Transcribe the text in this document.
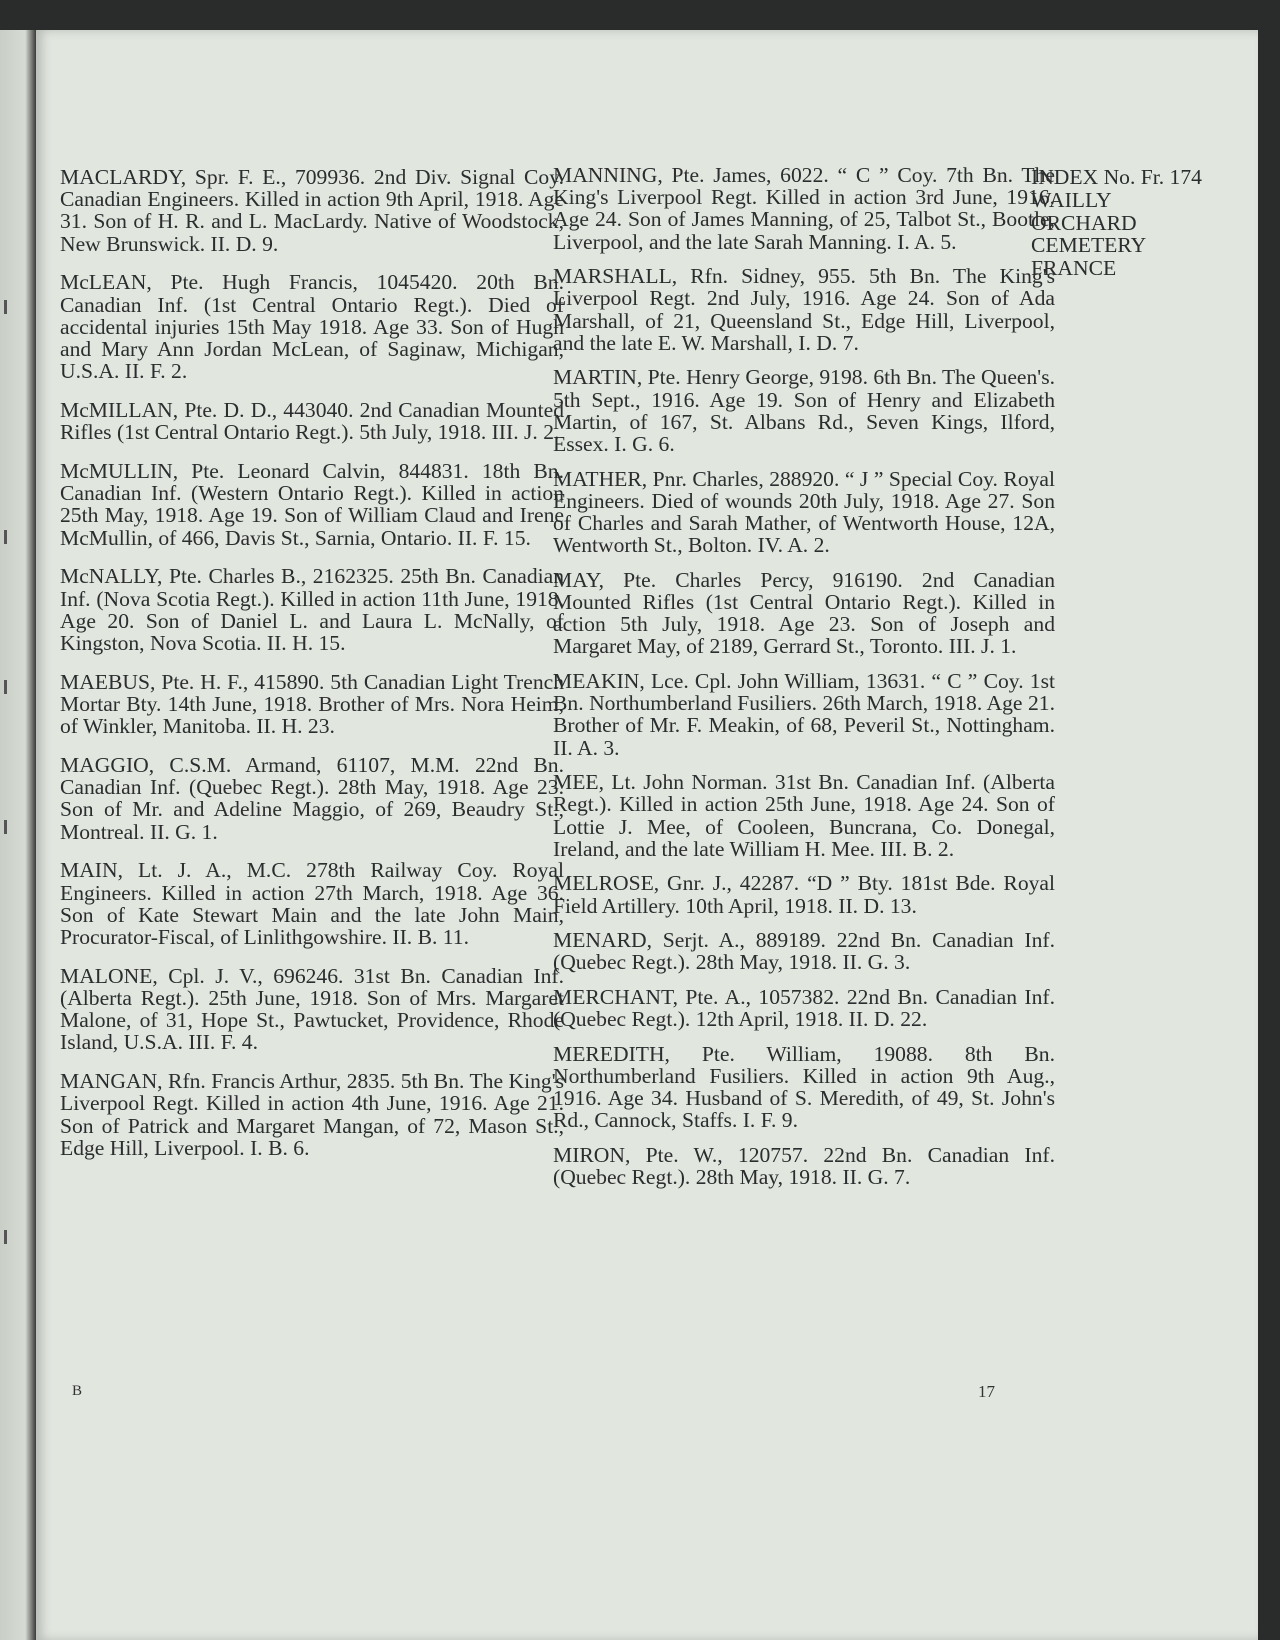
MACLARDY, Spr. F. E., 709936. 2nd Div. Signal Coy. Canadian Engineers. Killed in action 9th April, 1918. Age 31. Son of H. R. and L. MacLardy. Native of Woodstock, New Brunswick. II. D. 9.

McLEAN, Pte. Hugh Francis, 1045420. 20th Bn. Canadian Inf. (1st Central Ontario Regt.). Died of accidental injuries 15th May 1918. Age 33. Son of Hugh and Mary Ann Jordan McLean, of Saginaw, Michigan, U.S.A. II. F. 2.

McMILLAN, Pte. D. D., 443040. 2nd Canadian Mounted Rifles (1st Central Ontario Regt.). 5th July, 1918. III. J. 2.

McMULLIN, Pte. Leonard Calvin, 844831. 18th Bn. Canadian Inf. (Western Ontario Regt.). Killed in action 25th May, 1918. Age 19. Son of William Claud and Irene McMullin, of 466, Davis St., Sarnia, Ontario. II. F. 15.

McNALLY, Pte. Charles B., 2162325. 25th Bn. Canadian Inf. (Nova Scotia Regt.). Killed in action 11th June, 1918. Age 20. Son of Daniel L. and Laura L. McNally, of Kingston, Nova Scotia. II. H. 15.

MAEBUS, Pte. H. F., 415890. 5th Canadian Light Trench Mortar Bty. 14th June, 1918. Brother of Mrs. Nora Heim, of Winkler, Manitoba. II. H. 23.

MAGGIO, C.S.M. Armand, 61107, M.M. 22nd Bn. Canadian Inf. (Quebec Regt.). 28th May, 1918. Age 23. Son of Mr. and Adeline Maggio, of 269, Beaudry St., Montreal. II. G. 1.

MAIN, Lt. J. A., M.C. 278th Railway Coy. Royal Engineers. Killed in action 27th March, 1918. Age 36. Son of Kate Stewart Main and the late John Main, Procurator-Fiscal, of Linlithgowshire. II. B. 11.

MALONE, Cpl. J. V., 696246. 31st Bn. Canadian Inf. (Alberta Regt.). 25th June, 1918. Son of Mrs. Margaret Malone, of 31, Hope St., Pawtucket, Providence, Rhode Island, U.S.A. III. F. 4.

MANGAN, Rfn. Francis Arthur, 2835. 5th Bn. The King's Liverpool Regt. Killed in action 4th June, 1916. Age 21. Son of Patrick and Margaret Mangan, of 72, Mason St., Edge Hill, Liverpool. I. B. 6.

MANNING, Pte. James, 6022. “ C ” Coy. 7th Bn. The King's Liverpool Regt. Killed in action 3rd June, 1916. Age 24. Son of James Manning, of 25, Talbot St., Bootle, Liverpool, and the late Sarah Manning. I. A. 5.

MARSHALL, Rfn. Sidney, 955. 5th Bn. The King's Liverpool Regt. 2nd July, 1916. Age 24. Son of Ada Marshall, of 21, Queensland St., Edge Hill, Liverpool, and the late E. W. Marshall, I. D. 7.

MARTIN, Pte. Henry George, 9198. 6th Bn. The Queen's. 5th Sept., 1916. Age 19. Son of Henry and Elizabeth Martin, of 167, St. Albans Rd., Seven Kings, Ilford, Essex. I. G. 6.

MATHER, Pnr. Charles, 288920. “ J ” Special Coy. Royal Engineers. Died of wounds 20th July, 1918. Age 27. Son of Charles and Sarah Mather, of Wentworth House, 12A, Wentworth St., Bolton. IV. A. 2.

MAY, Pte. Charles Percy, 916190. 2nd Canadian Mounted Rifles (1st Central Ontario Regt.). Killed in action 5th July, 1918. Age 23. Son of Joseph and Margaret May, of 2189, Gerrard St., Toronto. III. J. 1.

MEAKIN, Lce. Cpl. John William, 13631. “ C ” Coy. 1st Bn. Northumberland Fusiliers. 26th March, 1918. Age 21. Brother of Mr. F. Meakin, of 68, Peveril St., Nottingham. II. A. 3.

MEE, Lt. John Norman. 31st Bn. Canadian Inf. (Alberta Regt.). Killed in action 25th June, 1918. Age 24. Son of Lottie J. Mee, of Cooleen, Buncrana, Co. Donegal, Ireland, and the late William H. Mee. III. B. 2.

MELROSE, Gnr. J., 42287. “D ” Bty. 181st Bde. Royal Field Artillery. 10th April, 1918. II. D. 13.

MENARD, Serjt. A., 889189. 22nd Bn. Canadian Inf. (Quebec Regt.). 28th May, 1918. II. G. 3.

MERCHANT, Pte. A., 1057382. 22nd Bn. Canadian Inf. (Quebec Regt.). 12th April, 1918. II. D. 22.

MEREDITH, Pte. William, 19088. 8th Bn. Northumberland Fusiliers. Killed in action 9th Aug., 1916. Age 34. Husband of S. Meredith, of 49, St. John's Rd., Cannock, Staffs. I. F. 9.

MIRON, Pte. W., 120757. 22nd Bn. Canadian Inf. (Quebec Regt.). 28th May, 1918. II. G. 7.

INDEX No. Fr. 174
WAILLY
ORCHARD
CEMETERY
FRANCE
B	17
